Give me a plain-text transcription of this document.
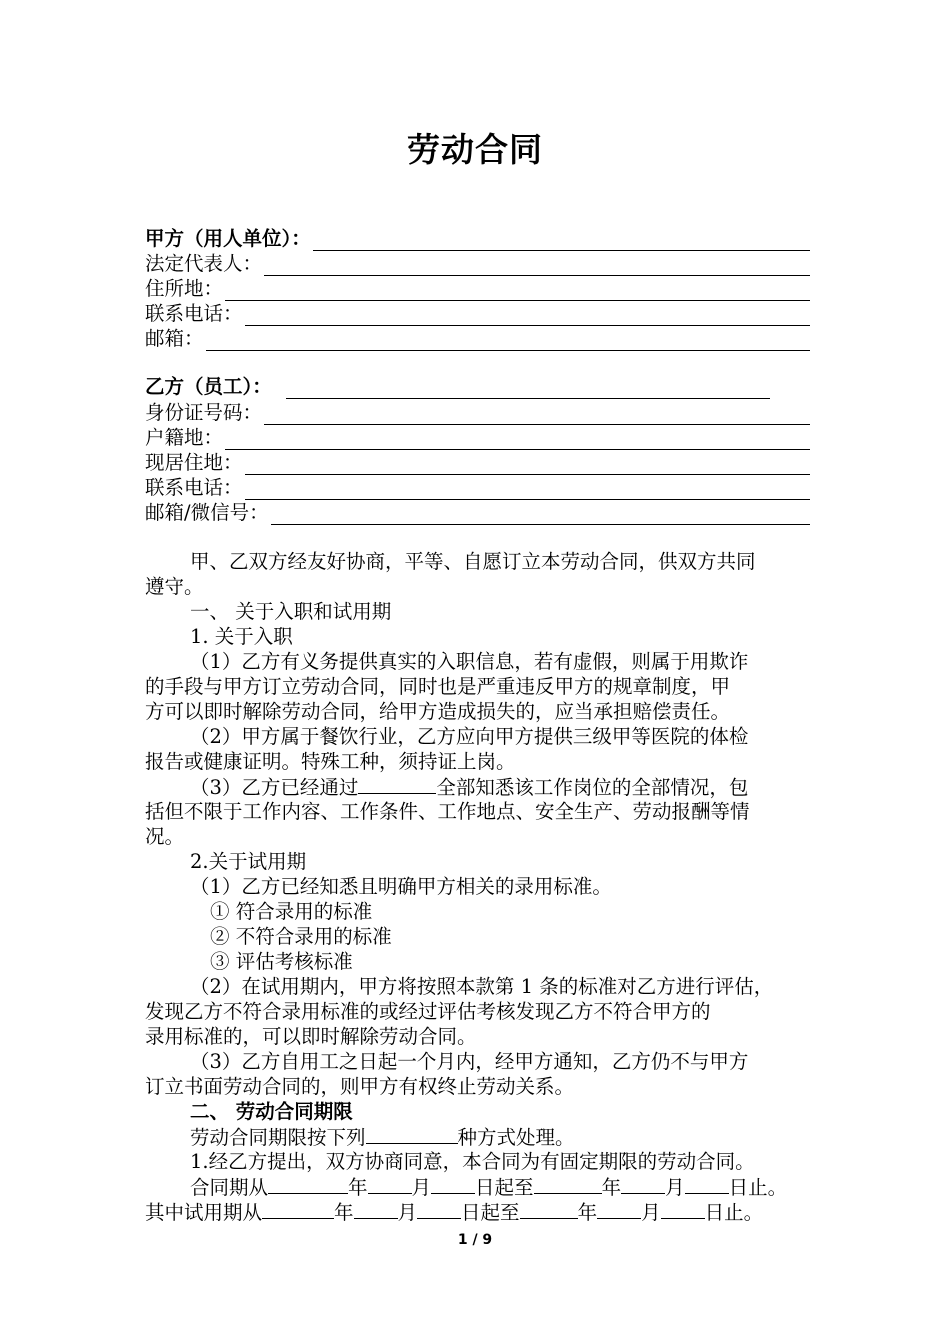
劳动合同
甲方（用人单位）：
法定代表人：
住所地：
联系电话：
邮箱：
乙方（员工）：
身份证号码：
户籍地：
现居住地：
联系电话：
邮箱/微信号：
甲、乙双方经友好协商，平等、自愿订立本劳动合同，供双方共同
遵守。
一、 关于入职和试用期
1. 关于入职
（1）乙方有义务提供真实的入职信息，若有虚假，则属于用欺诈
的手段与甲方订立劳动合同，同时也是严重违反甲方的规章制度，甲
方可以即时解除劳动合同，给甲方造成损失的，应当承担赔偿责任。
（2）甲方属于餐饮行业，乙方应向甲方提供三级甲等医院的体检
报告或健康证明。特殊工种，须持证上岗。
（3）乙方已经通过	全部知悉该工作岗位的全部情况，包
括但不限于工作内容、工作条件、工作地点、安全生产、劳动报酬等情
况。
2.关于试用期
（1）乙方已经知悉且明确甲方相关的录用标准。
① 符合录用的标准
② 不符合录用的标准
③ 评估考核标准
（2）在试用期内，甲方将按照本款第 1 条的标准对乙方进行评估，
发现乙方不符合录用标准的或经过评估考核发现乙方不符合甲方的
录用标准的，可以即时解除劳动合同。
（3）乙方自用工之日起一个月内，经甲方通知，乙方仍不与甲方
订立书面劳动合同的，则甲方有权终止劳动关系。
二、 劳动合同期限
劳动合同期限按下列	种方式处理。
1.经乙方提出，双方协商同意，本合同为有固定期限的劳动合同。
合同期从	年 月 日起至	年 月 日止。
其中试用期从	年 月 日起至	年 月 日止。
1 / 9
